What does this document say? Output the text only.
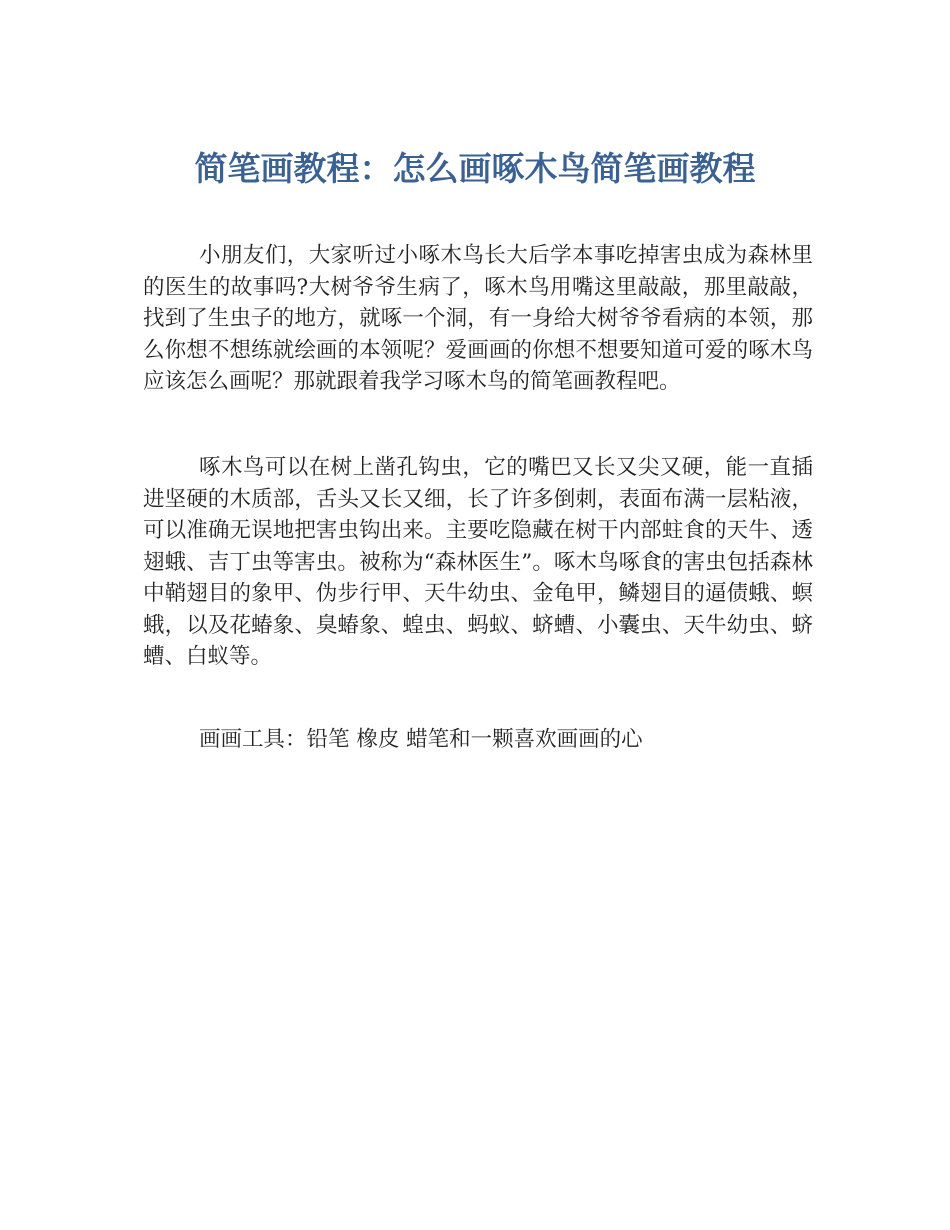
简笔画教程：怎么画啄木鸟简笔画教程

小朋友们，大家听过小啄木鸟长大后学本事吃掉害虫成为森林里的医生的故事吗?大树爷爷生病了，啄木鸟用嘴这里敲敲，那里敲敲，找到了生虫子的地方，就啄一个洞，有一身给大树爷爷看病的本领，那么你想不想练就绘画的本领呢？爱画画的你想不想要知道可爱的啄木鸟应该怎么画呢？那就跟着我学习啄木鸟的简笔画教程吧。

啄木鸟可以在树上凿孔钩虫，它的嘴巴又长又尖又硬，能一直插进坚硬的木质部，舌头又长又细，长了许多倒刺，表面布满一层粘液，可以准确无误地把害虫钩出来。主要吃隐藏在树干内部蛀食的天牛、透翅蛾、吉丁虫等害虫。被称为“森林医生”。啄木鸟啄食的害虫包括森林中鞘翅目的象甲、伪步行甲、天牛幼虫、金龟甲，鳞翅目的逼债蛾、螟蛾，以及花蝽象、臭蝽象、蝗虫、蚂蚁、蛴螬、小囊虫、天牛幼虫、蛴螬、白蚁等。

画画工具：铅笔 橡皮 蜡笔和一颗喜欢画画的心
